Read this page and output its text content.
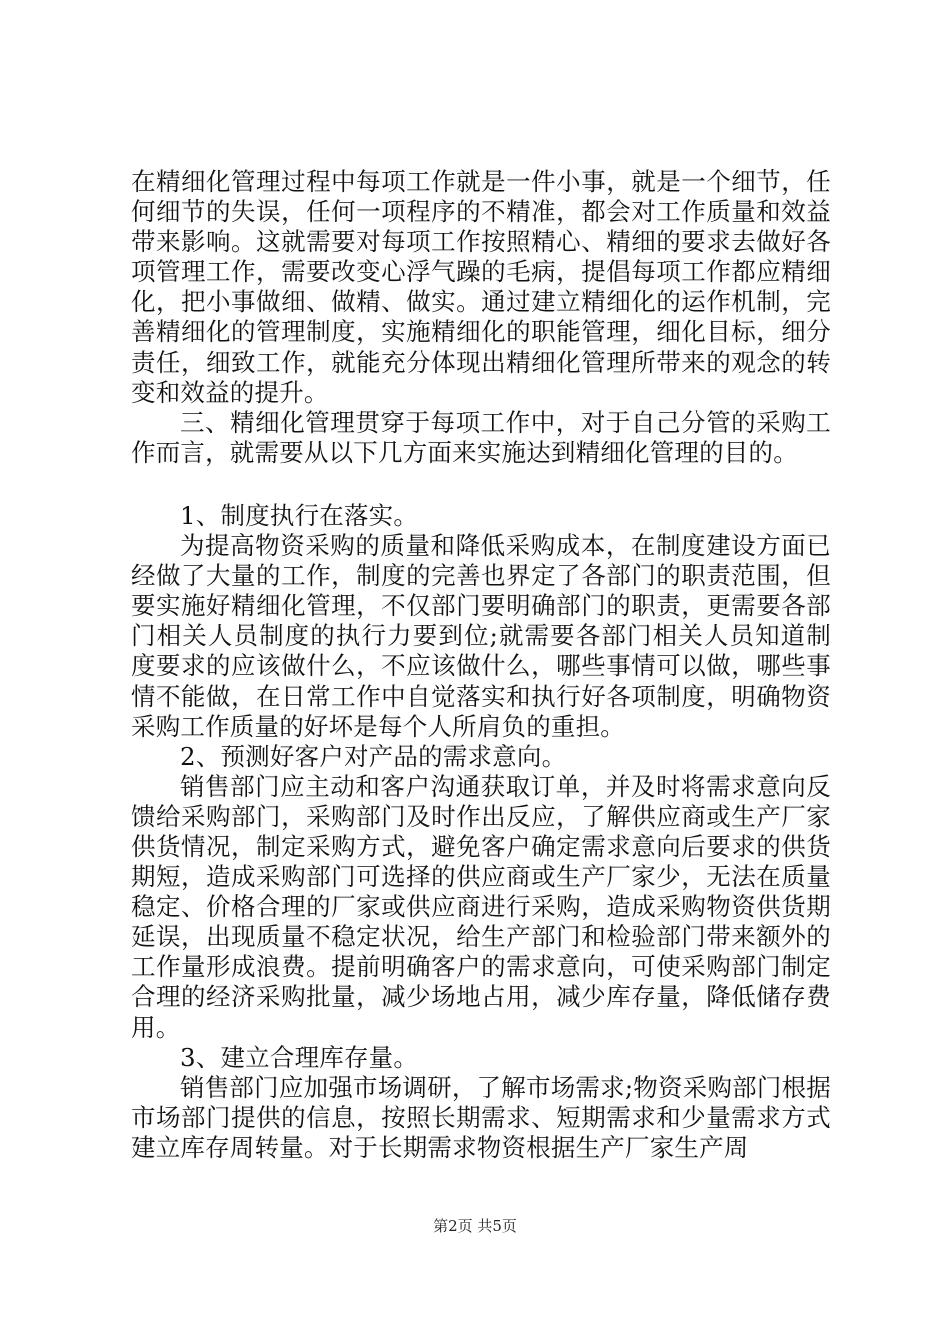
在精细化管理过程中每项工作就是一件小事，就是一个细节，任何细节的失误，任何一项程序的不精准，都会对工作质量和效益带来影响。这就需要对每项工作按照精心、精细的要求去做好各项管理工作，需要改变心浮气躁的毛病，提倡每项工作都应精细化，把小事做细、做精、做实。通过建立精细化的运作机制，完善精细化的管理制度，实施精细化的职能管理，细化目标，细分责任，细致工作，就能充分体现出精细化管理所带来的观念的转变和效益的提升。

三、精细化管理贯穿于每项工作中，对于自己分管的采购工作而言，就需要从以下几方面来实施达到精细化管理的目的。

1、制度执行在落实。

为提高物资采购的质量和降低采购成本，在制度建设方面已经做了大量的工作，制度的完善也界定了各部门的职责范围，但要实施好精细化管理，不仅部门要明确部门的职责，更需要各部门相关人员制度的执行力要到位;就需要各部门相关人员知道制度要求的应该做什么，不应该做什么，哪些事情可以做，哪些事情不能做，在日常工作中自觉落实和执行好各项制度，明确物资采购工作质量的好坏是每个人所肩负的重担。

2、预测好客户对产品的需求意向。

销售部门应主动和客户沟通获取订单，并及时将需求意向反馈给采购部门，采购部门及时作出反应，了解供应商或生产厂家供货情况，制定采购方式，避免客户确定需求意向后要求的供货期短，造成采购部门可选择的供应商或生产厂家少，无法在质量稳定、价格合理的厂家或供应商进行采购，造成采购物资供货期延误，出现质量不稳定状况，给生产部门和检验部门带来额外的工作量形成浪费。提前明确客户的需求意向，可使采购部门制定合理的经济采购批量，减少场地占用，减少库存量，降低储存费用。

3、建立合理库存量。

销售部门应加强市场调研，了解市场需求;物资采购部门根据市场部门提供的信息，按照长期需求、短期需求和少量需求方式建立库存周转量。对于长期需求物资根据生产厂家生产周

第2页 共5页
